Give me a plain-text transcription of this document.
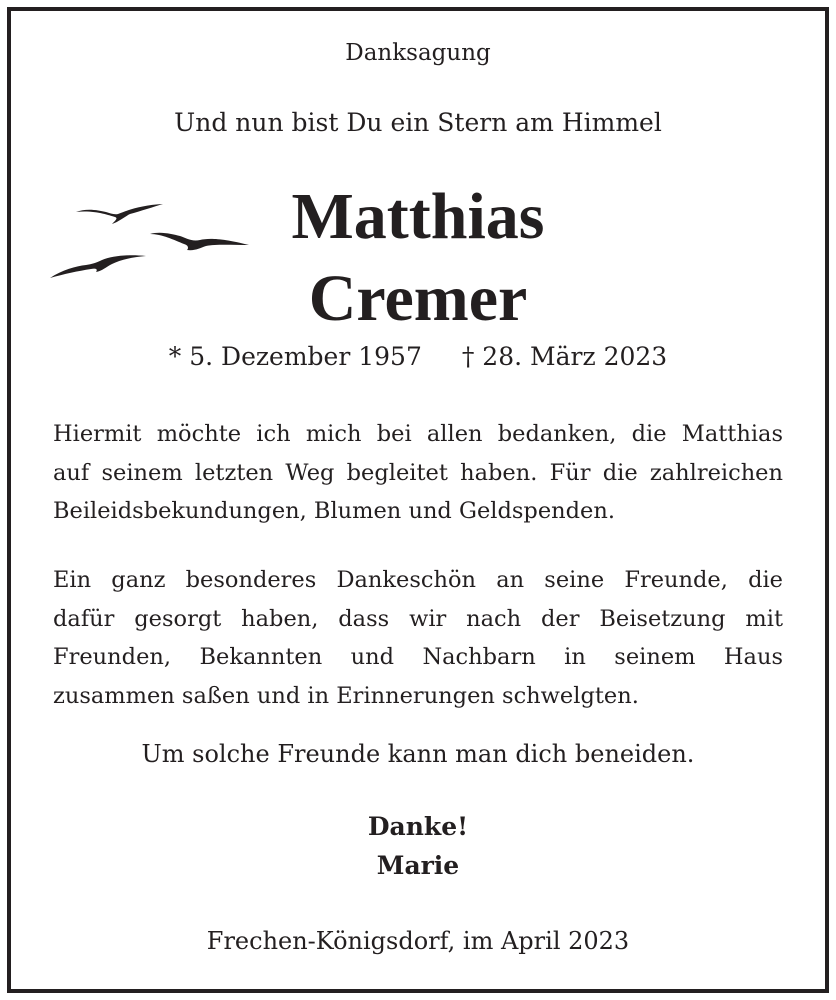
Danksagung
Und nun bist Du ein Stern am Himmel
Matthias
Cremer
* 5. Dezember 1957 † 28. März 2023
Hiermit möchte ich mich bei allen bedanken, die Matthias
auf seinem letzten Weg begleitet haben. Für die zahlreichen
Beileidsbekundungen, Blumen und Geldspenden.
Ein ganz besonderes Dankeschön an seine Freunde, die
dafür gesorgt haben, dass wir nach der Beisetzung mit
Freunden, Bekannten und Nachbarn in seinem Haus
zusammen saßen und in Erinnerungen schwelgten.
Um solche Freunde kann man dich beneiden.
Danke!
Marie
Frechen-Königsdorf, im April 2023
